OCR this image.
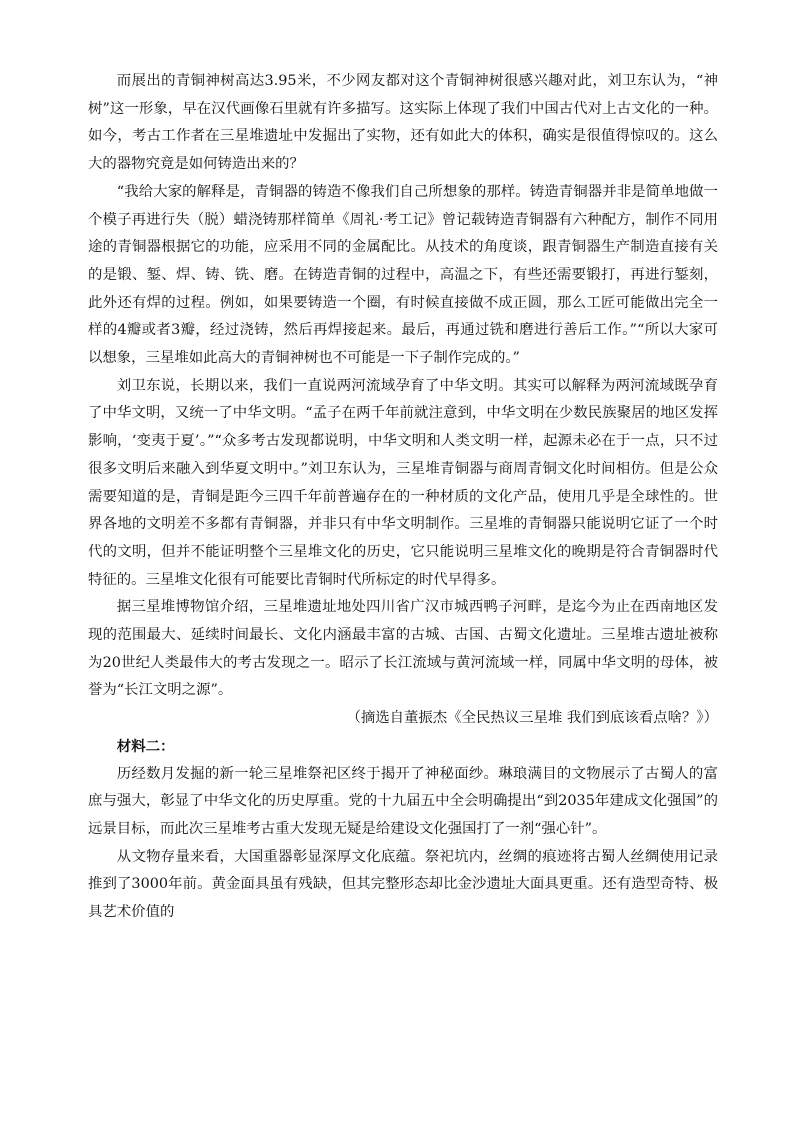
而展出的青铜神树高达3.95米，不少网友都对这个青铜神树很感兴趣对此，刘卫东认为，“神树”这一形象，早在汉代画像石里就有许多描写。这实际上体现了我们中国古代对上古文化的一种。如今，考古工作者在三星堆遗址中发掘出了实物，还有如此大的体积，确实是很值得惊叹的。这么大的器物究竟是如何铸造出来的？

“我给大家的解释是，青铜器的铸造不像我们自己所想象的那样。铸造青铜器并非是简单地做一个模子再进行失（脱）蜡浇铸那样简单《周礼·考工记》曾记载铸造青铜器有六种配方，制作不同用途的青铜器根据它的功能，应采用不同的金属配比。从技术的角度谈，跟青铜器生产制造直接有关的是锻、錾、焊、铸、铣、磨。在铸造青铜的过程中，高温之下，有些还需要锻打，再进行錾刻，此外还有焊的过程。例如，如果要铸造一个圈，有时候直接做不成正圆，那么工匠可能做出完全一样的4瓣或者3瓣，经过浇铸，然后再焊接起来。最后，再通过铣和磨进行善后工作。”“所以大家可以想象，三星堆如此高大的青铜神树也不可能是一下子制作完成的。”

刘卫东说，长期以来，我们一直说两河流域孕育了中华文明。其实可以解释为两河流域既孕育了中华文明，又统一了中华文明。“孟子在两千年前就注意到，中华文明在少数民族聚居的地区发挥影响，‘变夷于夏’。”“众多考古发现都说明，中华文明和人类文明一样，起源未必在于一点，只不过很多文明后来融入到华夏文明中。”刘卫东认为，三星堆青铜器与商周青铜文化时间相仿。但是公众需要知道的是，青铜是距今三四千年前普遍存在的一种材质的文化产品，使用几乎是全球性的。世界各地的文明差不多都有青铜器，并非只有中华文明制作。三星堆的青铜器只能说明它证了一个时代的文明，但并不能证明整个三星堆文化的历史，它只能说明三星堆文化的晚期是符合青铜器时代特征的。三星堆文化很有可能要比青铜时代所标定的时代早得多。

据三星堆博物馆介绍，三星堆遗址地处四川省广汉市城西鸭子河畔，是迄今为止在西南地区发现的范围最大、延续时间最长、文化内涵最丰富的古城、古国、古蜀文化遗址。三星堆古遗址被称为20世纪人类最伟大的考古发现之一。昭示了长江流域与黄河流域一样，同属中华文明的母体，被誉为“长江文明之源”。

（摘选自董振杰《全民热议三星堆 我们到底该看点啥？》）

材料二：

历经数月发掘的新一轮三星堆祭祀区终于揭开了神秘面纱。琳琅满目的文物展示了古蜀人的富庶与强大，彰显了中华文化的历史厚重。党的十九届五中全会明确提出“到2035年建成文化强国”的远景目标，而此次三星堆考古重大发现无疑是给建设文化强国打了一剂“强心针”。

从文物存量来看，大国重器彰显深厚文化底蕴。祭祀坑内，丝绸的痕迹将古蜀人丝绸使用记录推到了3000年前。黄金面具虽有残缺，但其完整形态却比金沙遗址大面具更重。还有造型奇特、极具艺术价值的
